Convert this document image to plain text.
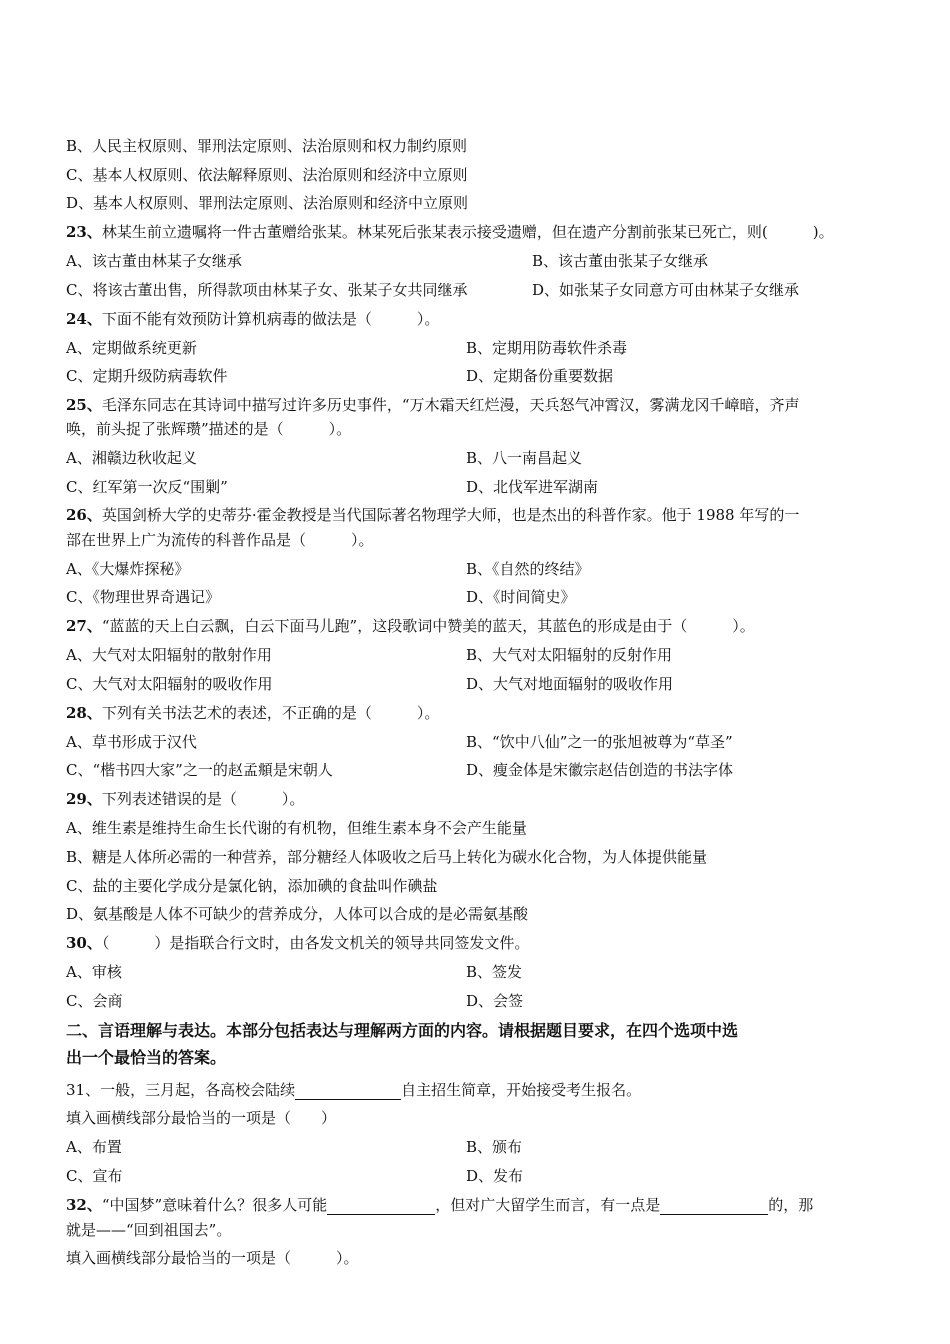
B、人民主权原则、罪刑法定原则、法治原则和权力制约原则
C、基本人权原则、依法解释原则、法治原则和经济中立原则
D、基本人权原则、罪刑法定原则、法治原则和经济中立原则
23、林某生前立遗嘱将一件古董赠给张某。林某死后张某表示接受遗赠，但在遗产分割前张某已死亡，则(　　　)。
A、该古董由林某子女继承	B、该古董由张某子女继承
C、将该古董出售，所得款项由林某子女、张某子女共同继承	D、如张某子女同意方可由林某子女继承
24、下面不能有效预防计算机病毒的做法是（　　　）。
A、定期做系统更新	B、定期用防毒软件杀毒
C、定期升级防病毒软件	D、定期备份重要数据
25、毛泽东同志在其诗词中描写过许多历史事件，“万木霜天红烂漫，天兵怒气冲霄汉，雾满龙冈千嶂暗，齐声
唤，前头捉了张辉瓒”描述的是（　　　）。
A、湘赣边秋收起义	B、八一南昌起义
C、红军第一次反“围剿”	D、北伐军进军湖南
26、英国剑桥大学的史蒂芬·霍金教授是当代国际著名物理学大师，也是杰出的科普作家。他于 1988 年写的一
部在世界上广为流传的科普作品是（　　　）。
A、《大爆炸探秘》	B、《自然的终结》
C、《物理世界奇遇记》	D、《时间简史》
27、“蓝蓝的天上白云飘，白云下面马儿跑”，这段歌词中赞美的蓝天，其蓝色的形成是由于（　　　）。
A、大气对太阳辐射的散射作用	B、大气对太阳辐射的反射作用
C、大气对太阳辐射的吸收作用	D、大气对地面辐射的吸收作用
28、下列有关书法艺术的表述，不正确的是（　　　）。
A、草书形成于汉代	B、“饮中八仙”之一的张旭被尊为“草圣”
C、“楷书四大家”之一的赵孟頫是宋朝人	D、瘦金体是宋徽宗赵佶创造的书法字体
29、下列表述错误的是（　　　）。
A、维生素是维持生命生长代谢的有机物，但维生素本身不会产生能量
B、糖是人体所必需的一种营养，部分糖经人体吸收之后马上转化为碳水化合物，为人体提供能量
C、盐的主要化学成分是氯化钠，添加碘的食盐叫作碘盐
D、氨基酸是人体不可缺少的营养成分，人体可以合成的是必需氨基酸
30、（　　　）是指联合行文时，由各发文机关的领导共同签发文件。
A、审核	B、签发
C、会商	D、会签
二、言语理解与表达。本部分包括表达与理解两方面的内容。请根据题目要求，在四个选项中选
出一个最恰当的答案。
31、一般，三月起，各高校会陆续	自主招生简章，开始接受考生报名。
填入画横线部分最恰当的一项是（　　）
A、布置	B、颁布
C、宣布	D、发布
32、“中国梦”意味着什么？很多人可能	，但对广大留学生而言，有一点是	的，那
就是——“回到祖国去”。
填入画横线部分最恰当的一项是（　　　）。
